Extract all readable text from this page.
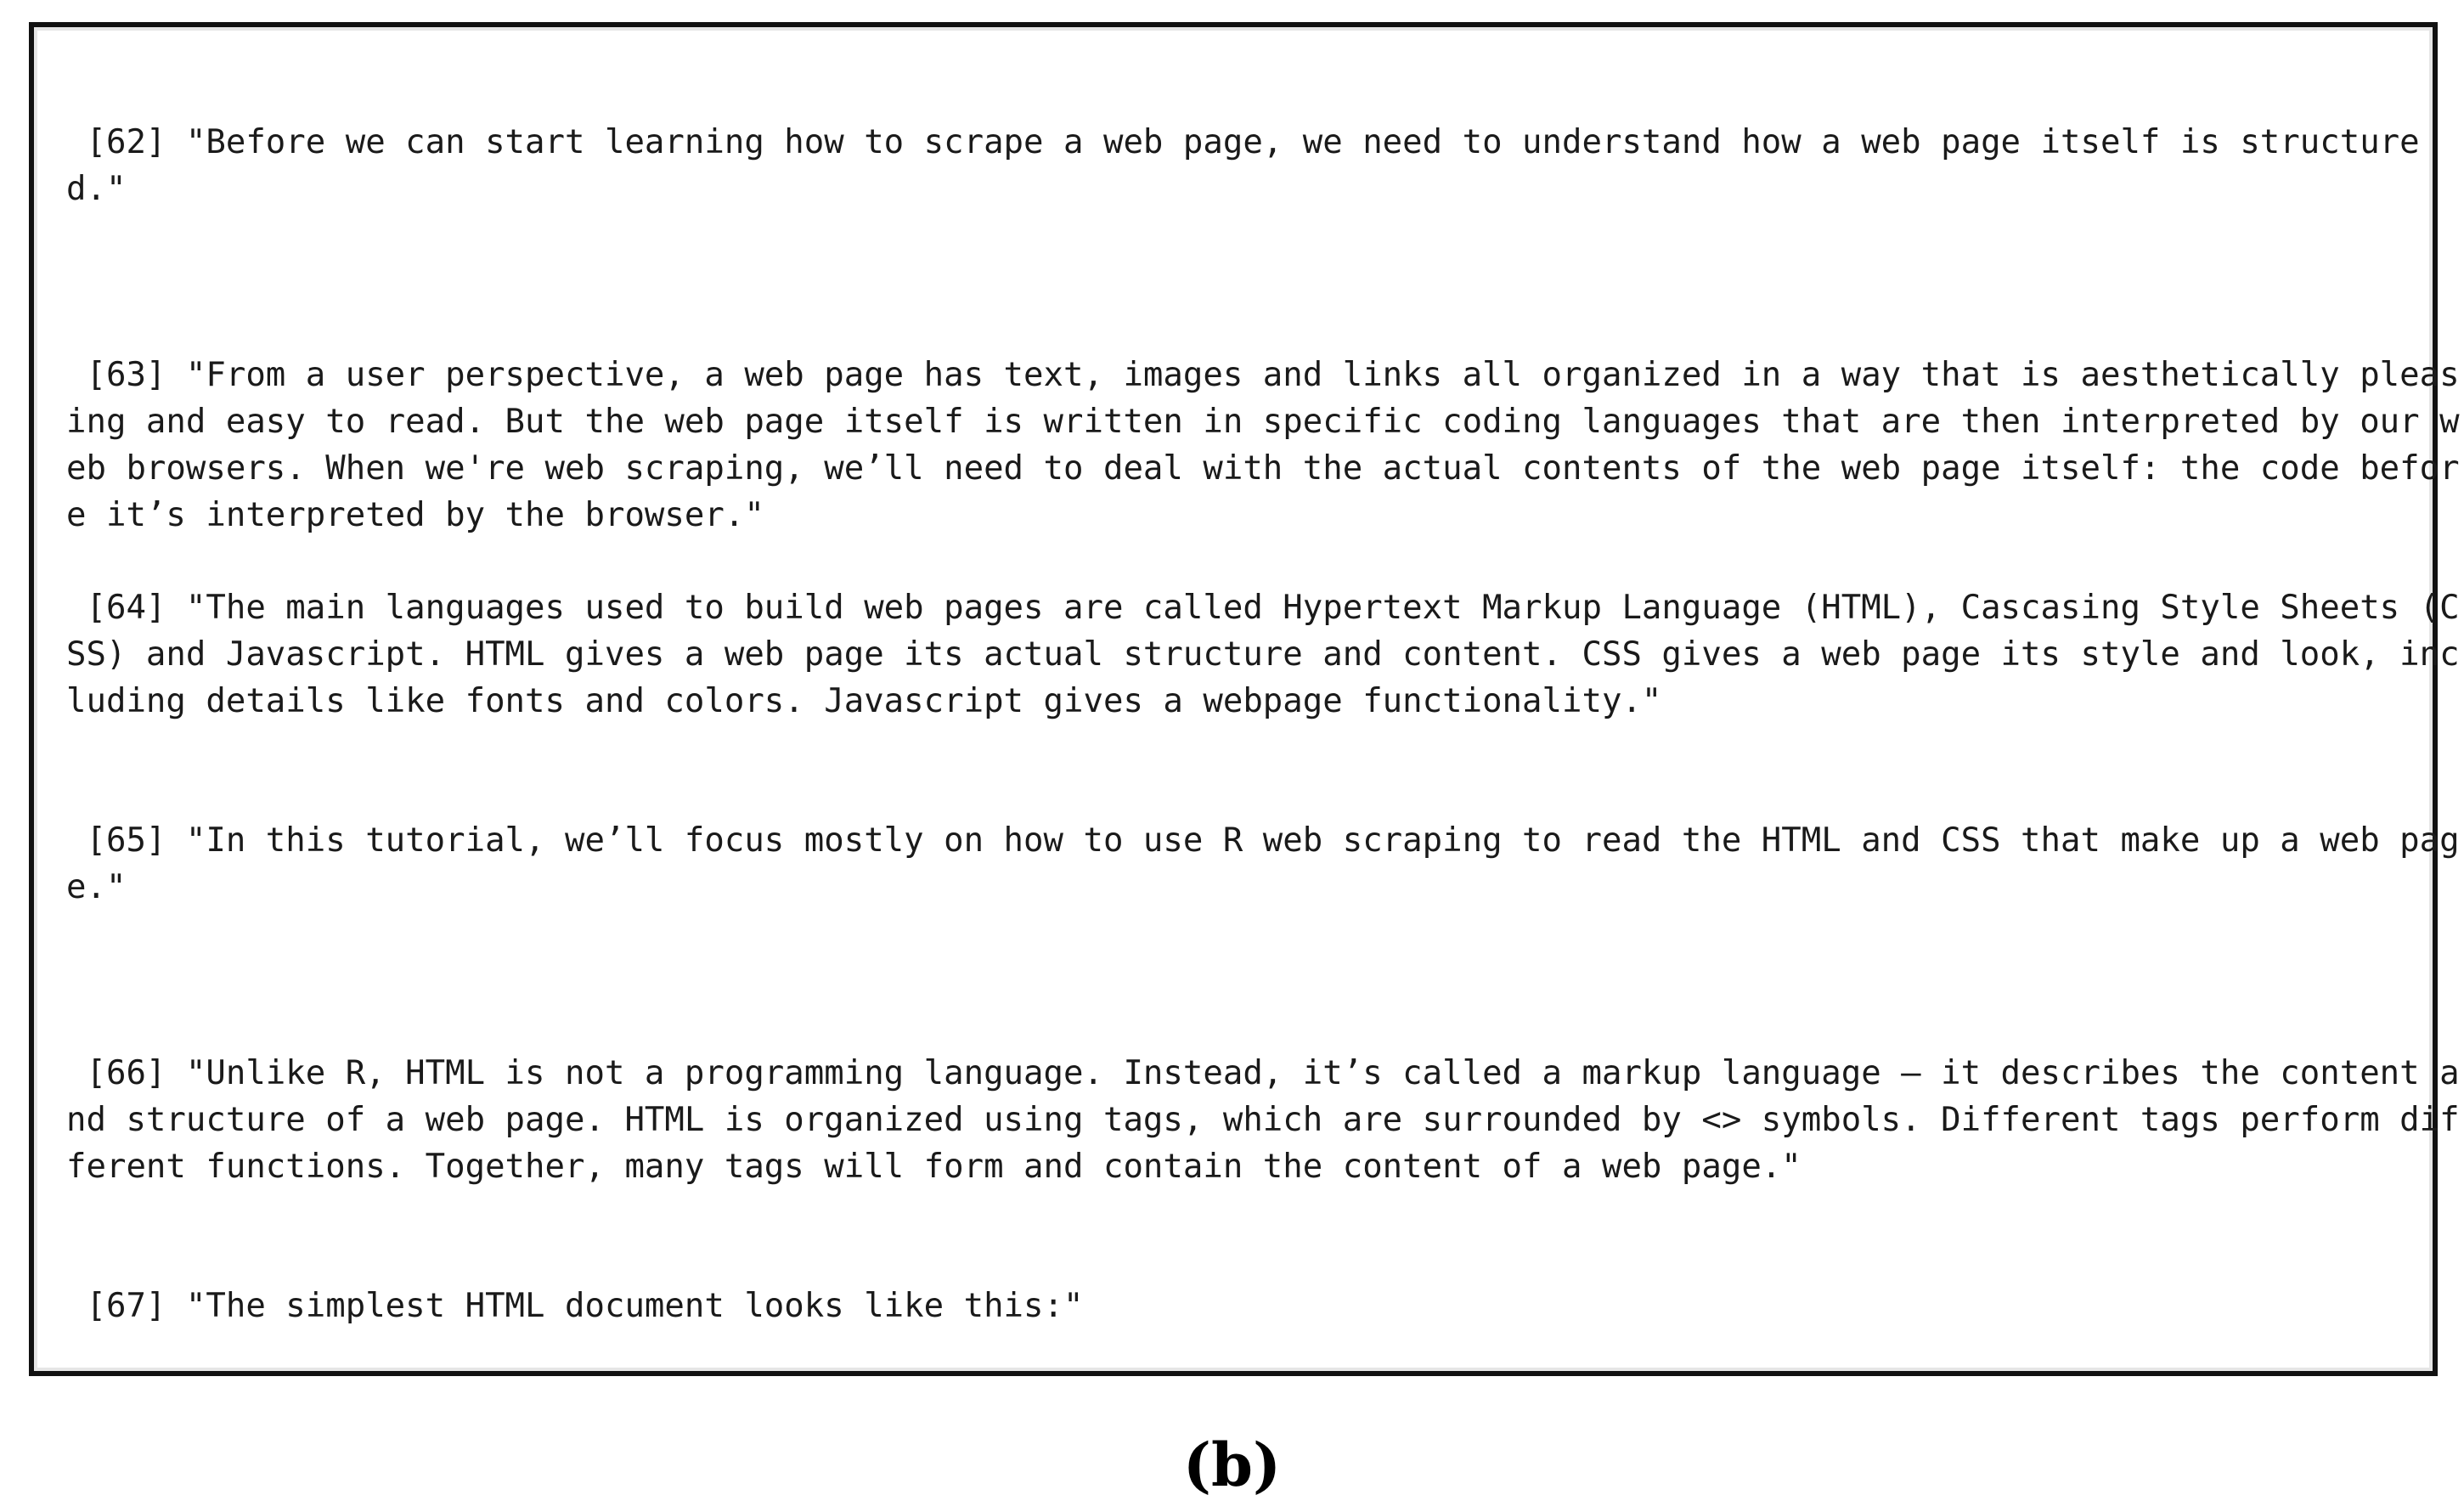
[62] "Before we can start learning how to scrape a web page, we need to understand how a web page itself is structure

d."

[63] "From a user perspective, a web page has text, images and links all organized in a way that is aesthetically pleas

ing and easy to read. But the web page itself is written in specific coding languages that are then interpreted by our w

eb browsers. When we're web scraping, we’ll need to deal with the actual contents of the web page itself: the code befor

e it’s interpreted by the browser."

[64] "The main languages used to build web pages are called Hypertext Markup Language (HTML), Cascasing Style Sheets (C

SS) and Javascript. HTML gives a web page its actual structure and content. CSS gives a web page its style and look, inc

luding details like fonts and colors. Javascript gives a webpage functionality."

[65] "In this tutorial, we’ll focus mostly on how to use R web scraping to read the HTML and CSS that make up a web pag

e."

[66] "Unlike R, HTML is not a programming language. Instead, it’s called a markup language – it describes the content a

nd structure of a web page. HTML is organized using tags, which are surrounded by <> symbols. Different tags perform dif

ferent functions. Together, many tags will form and contain the content of a web page."

[67] "The simplest HTML document looks like this:"

(b)
